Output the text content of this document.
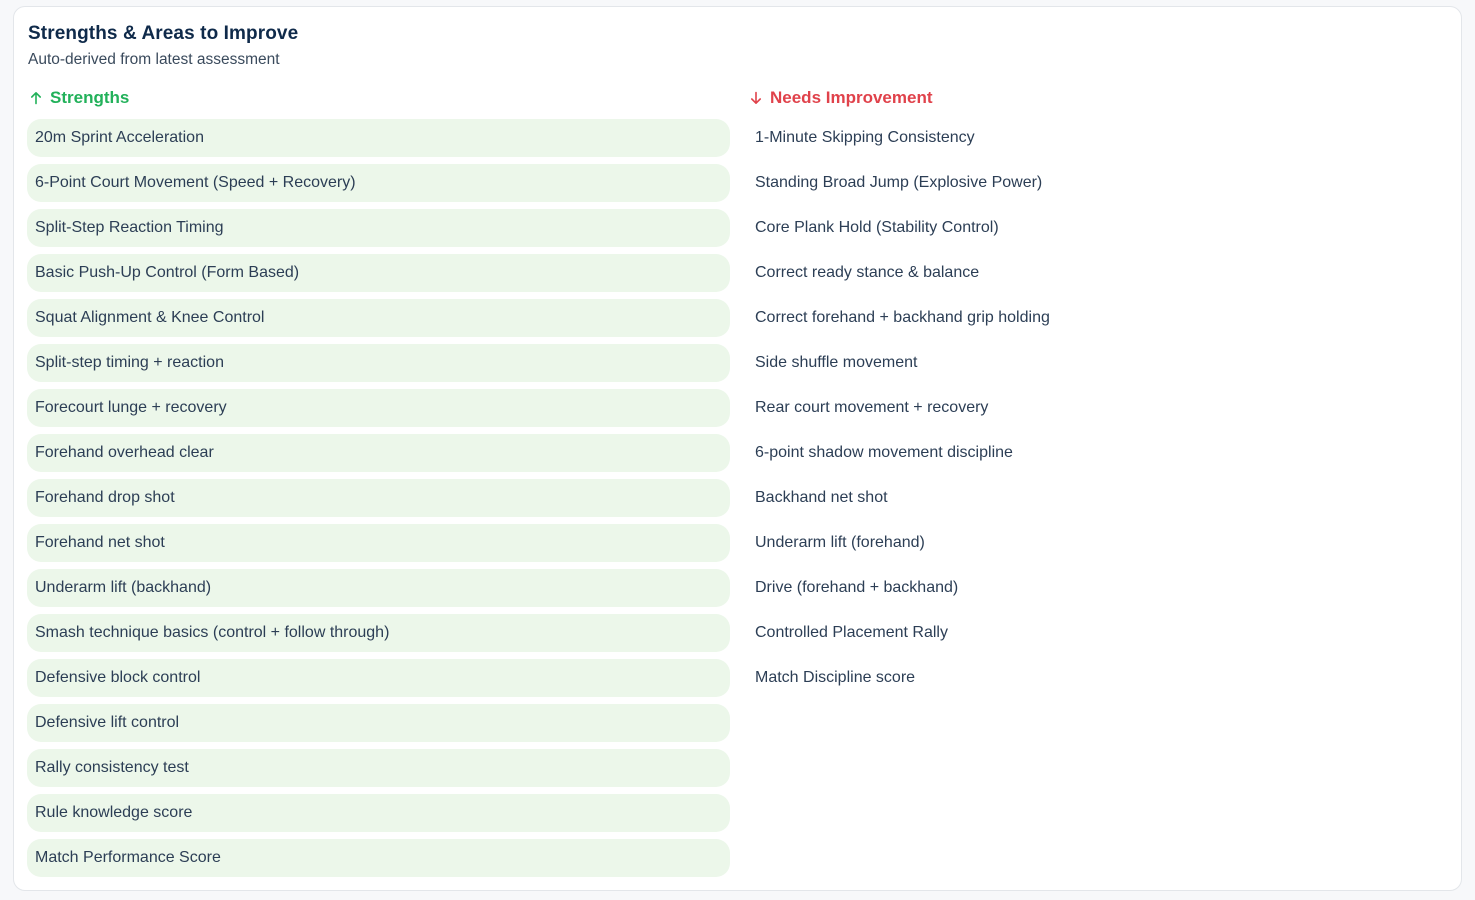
Strengths & Areas to Improve

Auto-derived from latest assessment

Strengths
20m Sprint Acceleration
6-Point Court Movement (Speed + Recovery)
Split-Step Reaction Timing
Basic Push-Up Control (Form Based)
Squat Alignment & Knee Control
Split-step timing + reaction
Forecourt lunge + recovery
Forehand overhead clear
Forehand drop shot
Forehand net shot
Underarm lift (backhand)
Smash technique basics (control + follow through)
Defensive block control
Defensive lift control
Rally consistency test
Rule knowledge score
Match Performance Score
Needs Improvement
1-Minute Skipping Consistency
Standing Broad Jump (Explosive Power)
Core Plank Hold (Stability Control)
Correct ready stance & balance
Correct forehand + backhand grip holding
Side shuffle movement
Rear court movement + recovery
6-point shadow movement discipline
Backhand net shot
Underarm lift (forehand)
Drive (forehand + backhand)
Controlled Placement Rally
Match Discipline score
